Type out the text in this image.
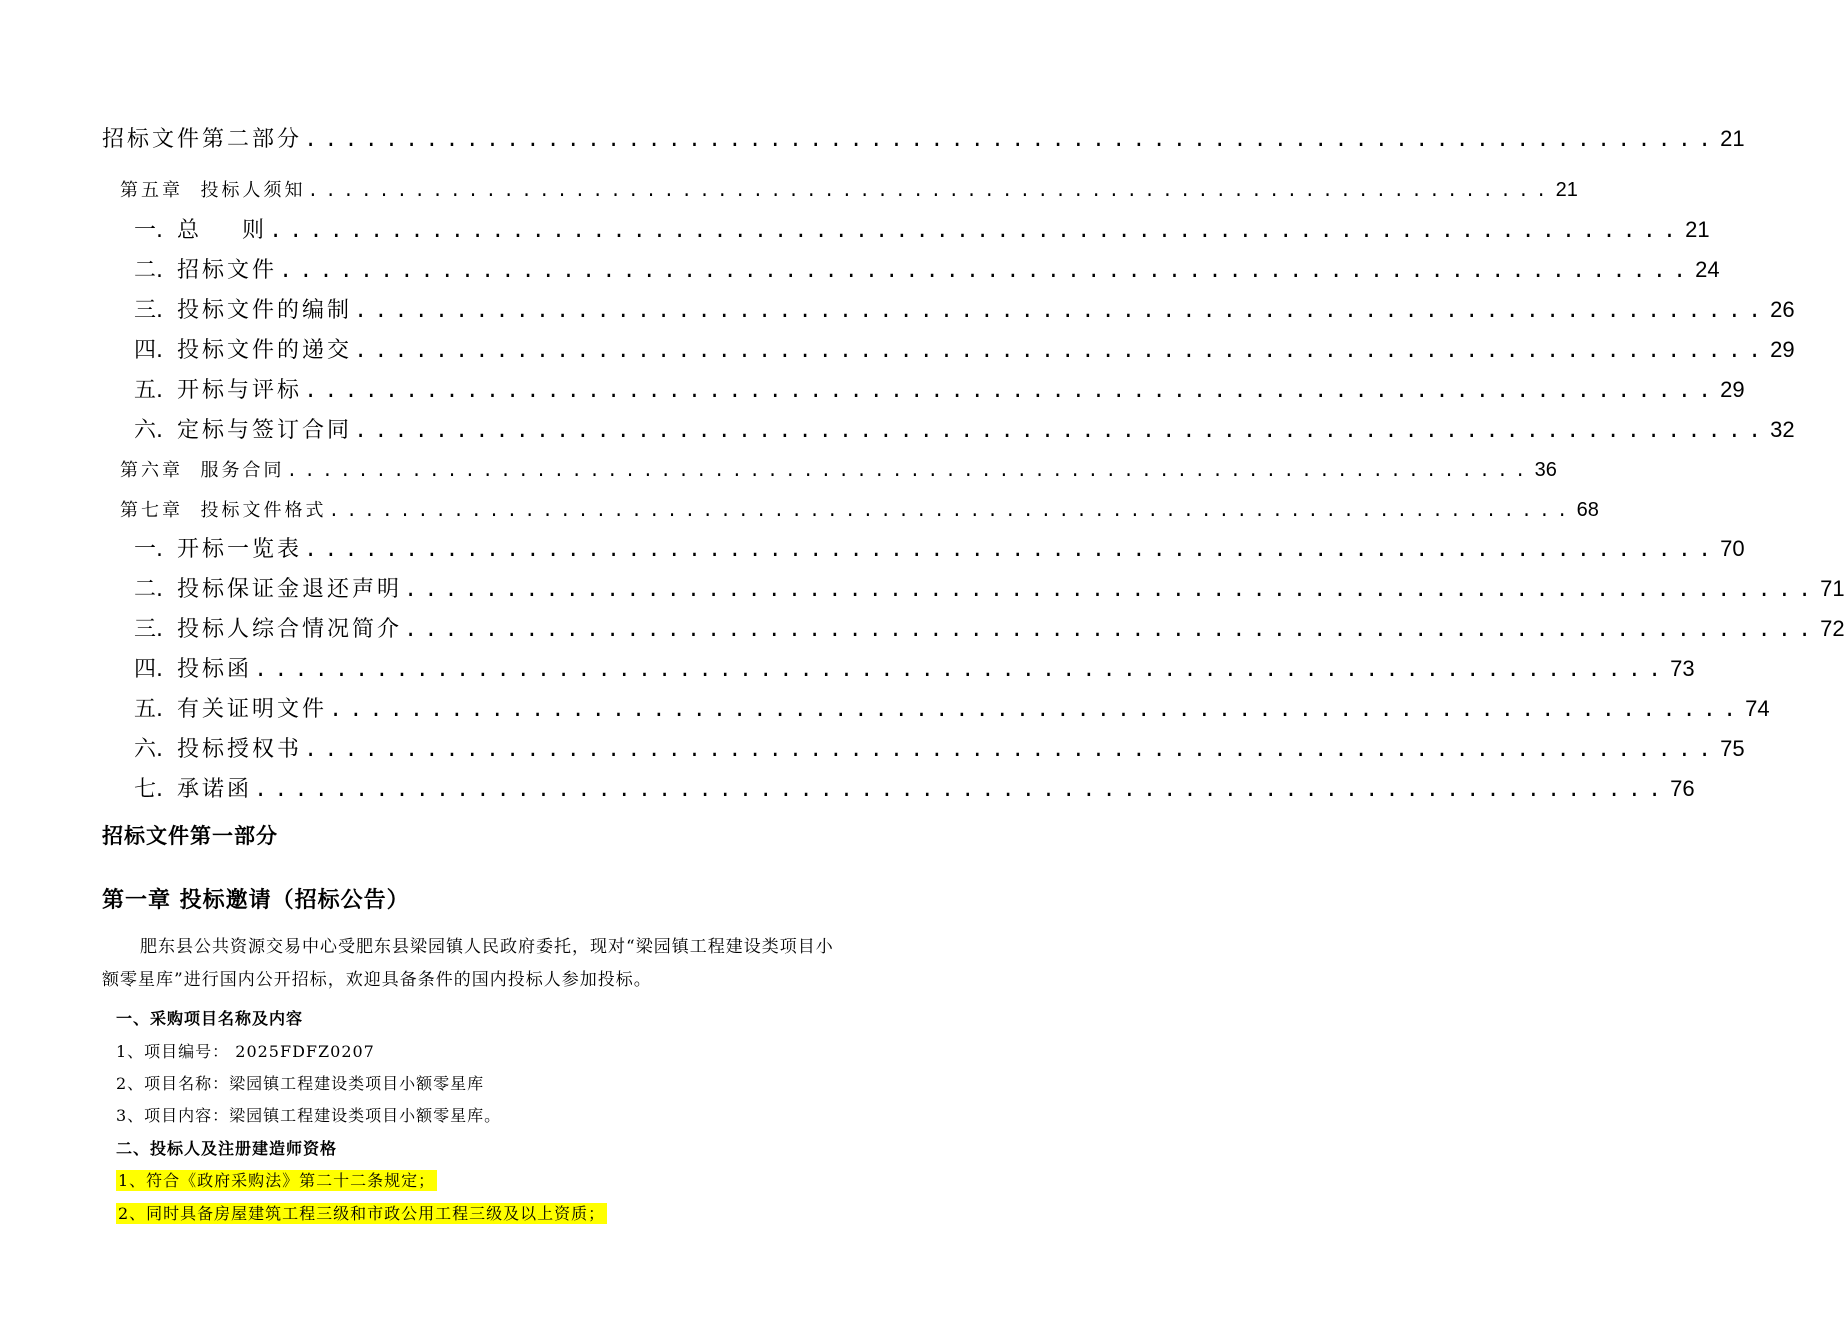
招标文件第二部分 ...................................................................... 21
第五章  投标人须知 ...................................................................... 21
一.
总    则 ...................................................................... 21
二.
招标文件 ...................................................................... 24
三.
投标文件的编制 ...................................................................... 26
四.
投标文件的递交 ...................................................................... 29
五.
开标与评标 ...................................................................... 29
六.
定标与签订合同 ...................................................................... 32
第六章  服务合同 ...................................................................... 36
第七章  投标文件格式 ...................................................................... 68
一.
开标一览表 ...................................................................... 70
二.
投标保证金退还声明 ...................................................................... 71
三.
投标人综合情况简介 ...................................................................... 72
四.
投标函 ...................................................................... 73
五.
有关证明文件 ...................................................................... 74
六.
投标授权书 ...................................................................... 75
七.
承诺函 ...................................................................... 76
招标文件第一部分
第一章 投标邀请（招标公告）
肥东县公共资源交易中心受肥东县梁园镇人民政府委托，现对“梁园镇工程建设类项目小额零星库”进行国内公开招标，欢迎具备条件的国内投标人参加投标。
一、采购项目名称及内容
1、项目编号： 2025FDFZ0207
2、项目名称：梁园镇工程建设类项目小额零星库
3、项目内容：梁园镇工程建设类项目小额零星库。
二、投标人及注册建造师资格
1、符合《政府采购法》第二十二条规定；
2、同时具备房屋建筑工程三级和市政公用工程三级及以上资质；
